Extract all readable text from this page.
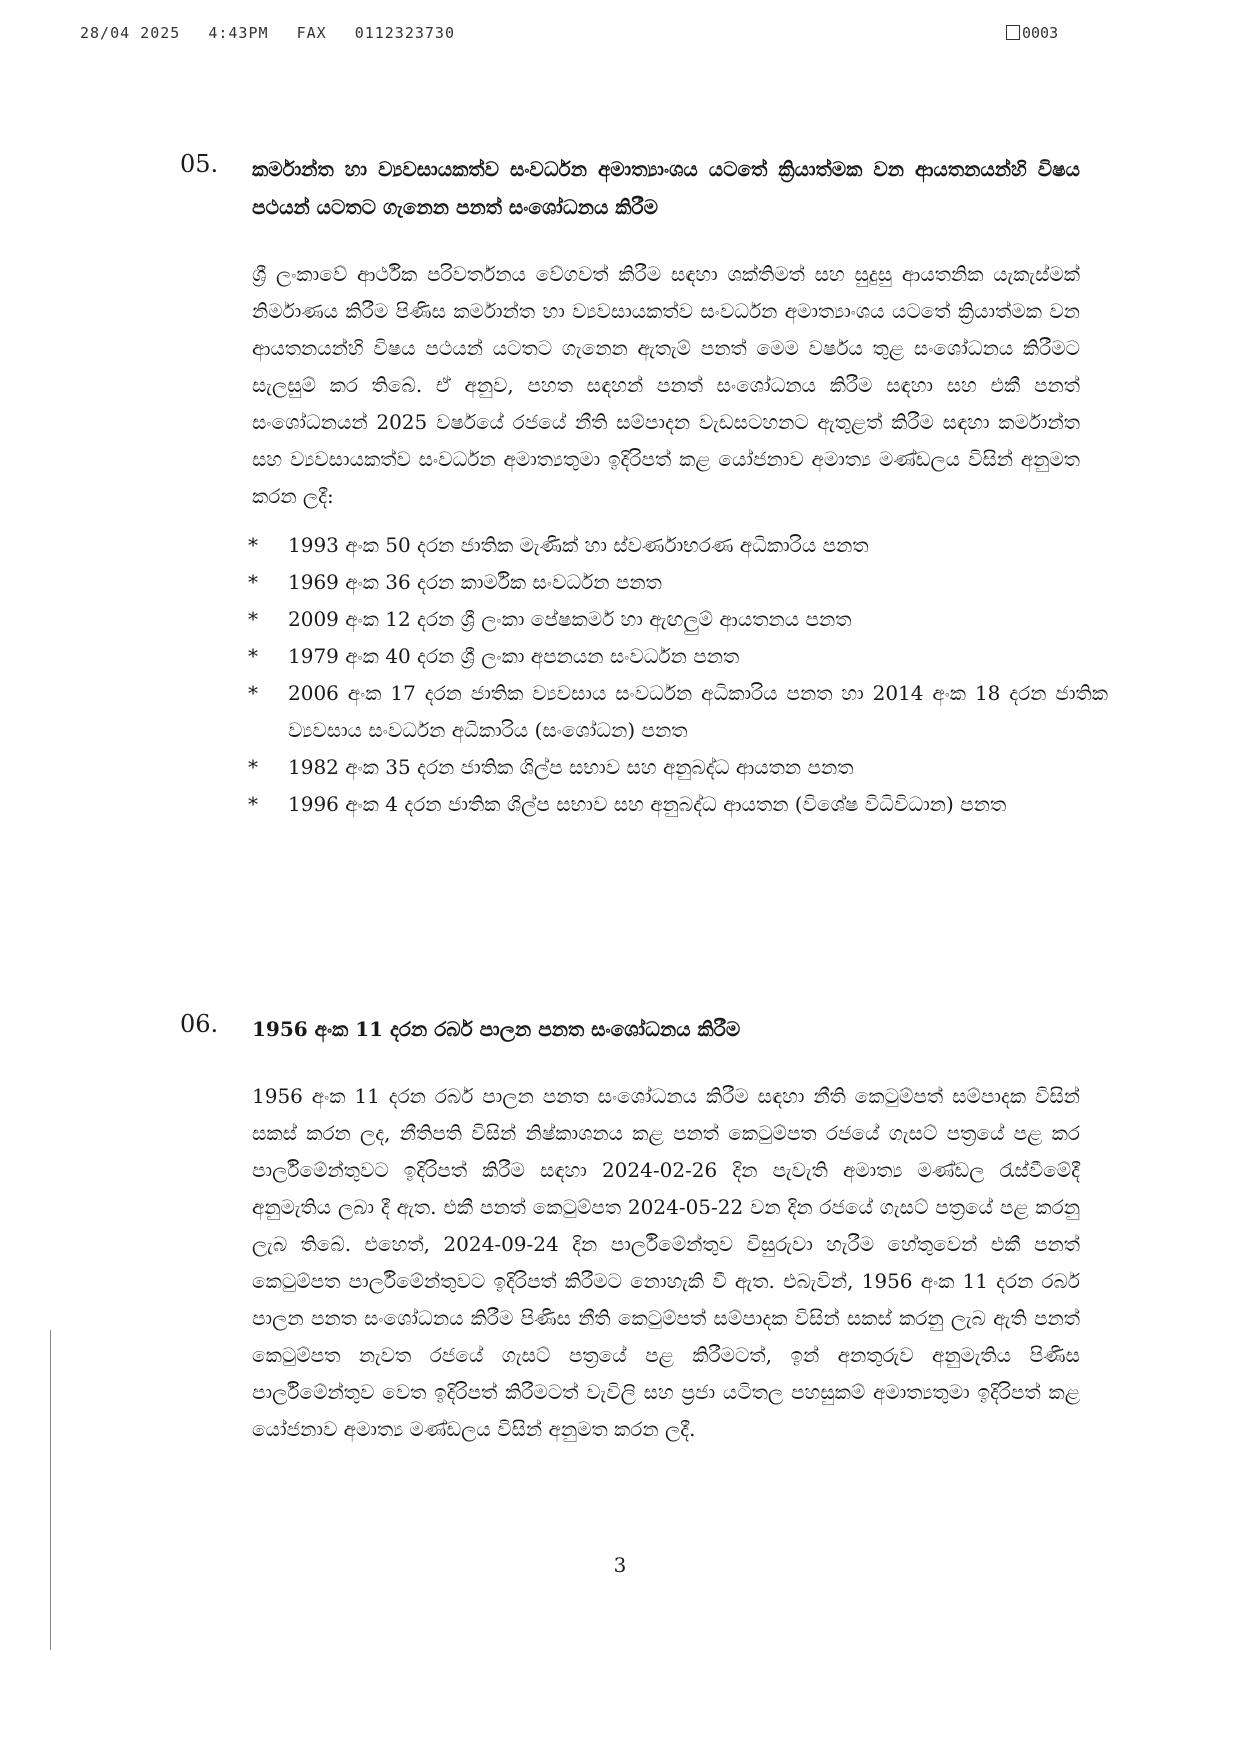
28/04 2025 4:43PM FAX 0112323730	0003
05. කර්මාන්ත හා ව්‍යවසායකත්ව සංවර්ධන අමාත්‍යාංශය යටතේ ක්‍රියාත්මක වන ආයතනයන්හි විෂය පථයන් යටතට ගැනෙන පනත් සංශෝධනය කිරීම
ශ්‍රී ලංකාවේ ආර්ථික පරිවර්තනය වේගවත් කිරීම සඳහා ශක්තිමත් සහ සුදුසු ආයතනික යැකැස්මක් නිර්මාණය කිරීම පිණිස කර්මාන්ත හා ව්‍යවසායකත්ව සංවර්ධන අමාත්‍යාංශය යටතේ ක්‍රියාත්මක වන ආයතනයන්හි විෂය පථයන් යටතට ගැනෙන ඇතැම් පනත් මෙම වර්ෂය තුළ සංශෝධනය කිරීමට සැලසුම් කර තිබේ. ඒ අනුව, පහත සඳහන් පනත් සංශෝධනය කිරීම සඳහා සහ එකී පනත් සංශෝධනයන් 2025 වර්ෂයේ රජයේ නීති සම්පාදන වැඩසටහනට ඇතුළත් කිරීම සඳහා කර්මාන්ත සහ ව්‍යවසායකත්ව සංවර්ධන අමාත්‍යතුමා ඉදිරිපත් කළ යෝජනාව අමාත්‍ය මණ්ඩලය විසින් අනුමත කරන ලදී:
* 1993 අංක 50 දරන ජාතික මැණික් හා ස්වර්ණාභරණ අධිකාරිය පනත
* 1969 අංක 36 දරන කාර්මික සංවර්ධන පනත
* 2009 අංක 12 දරන ශ්‍රී ලංකා පේෂකර්ම හා ඇඟලුම් ආයතනය පනත
* 1979 අංක 40 දරන ශ්‍රී ලංකා අපනයන සංවර්ධන පනත
* 2006 අංක 17 දරන ජාතික ව්‍යවසාය සංවර්ධන අධිකාරිය පනත හා 2014 අංක 18 දරන ජාතික ව්‍යවසාය සංවර්ධන අධිකාරිය (සංශෝධන) පනත
* 1982 අංක 35 දරන ජාතික ශිල්ප සභාව සහ අනුබද්ධ ආයතන පනත
* 1996 අංක 4 දරන ජාතික ශිල්ප සභාව සහ අනුබද්ධ ආයතන (විශේෂ විධිවිධාන) පනත
06. 1956 අංක 11 දරන රබර් පාලන පනත සංශෝධනය කිරීම
1956 අංක 11 දරන රබර් පාලන පනත සංශෝධනය කිරීම සඳහා නීති කෙටුම්පත් සම්පාදක විසින් සකස් කරන ලද, නීතිපති විසින් නිෂ්කාශනය කළ පනත් කෙටුම්පත රජයේ ගැසට් පත්‍රයේ පළ කර පාර්ලිමේන්තුවට ඉදිරිපත් කිරීම සඳහා 2024-02-26 දින පැවැති අමාත්‍ය මණ්ඩල රැස්වීමේදී අනුමැතිය ලබා දී ඇත. එකී පනත් කෙටුම්පත 2024-05-22 වන දින රජයේ ගැසට් පත්‍රයේ පළ කරනු ලැබ තිබේ. එහෙත්, 2024-09-24 දින පාර්ලිමේන්තුව විසුරුවා හැරීම හේතුවෙන් එකී පනත් කෙටුම්පත පාර්ලිමේන්තුවට ඉදිරිපත් කිරීමට නොහැකි වී ඇත. එබැවින්, 1956 අංක 11 දරන රබර් පාලන පනත සංශෝධනය කිරීම පිණිස නීති කෙටුම්පත් සම්පාදක විසින් සකස් කරනු ලැබ ඇති පනත් කෙටුම්පත නැවත රජයේ ගැසට් පත්‍රයේ පළ කිරීමටත්, ඉන් අනතුරුව අනුමැතිය පිණිස පාර්ලිමේන්තුව වෙත ඉදිරිපත් කිරීමටත් වැවිලි සහ ප්‍රජා යටිතල පහසුකම් අමාත්‍යතුමා ඉදිරිපත් කළ යෝජනාව අමාත්‍ය මණ්ඩලය විසින් අනුමත කරන ලදී.
3
